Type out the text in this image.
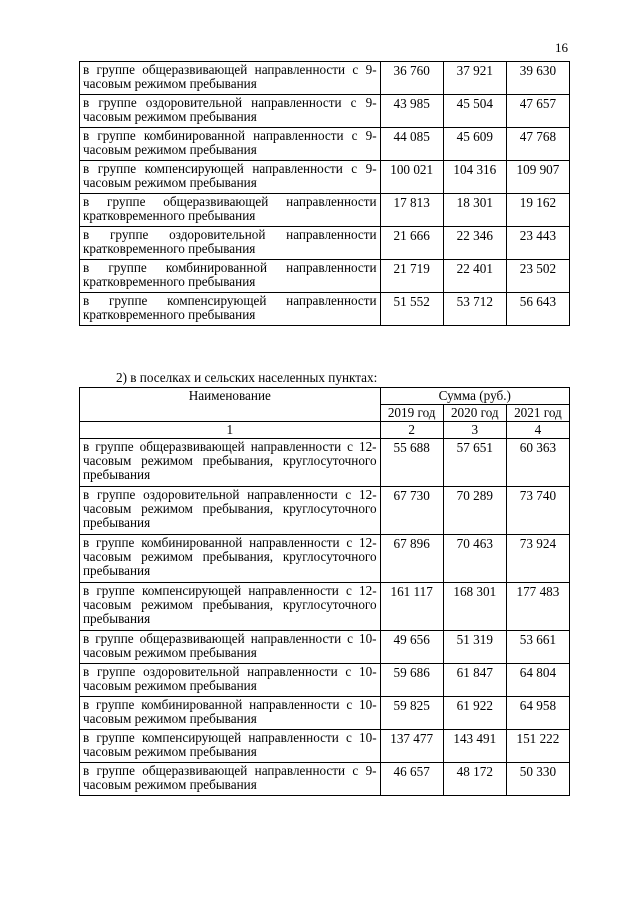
16
в группе общеразвивающей направленности с 9-часовым режимом пребывания	36 760	37 921	39 630
в группе оздоровительной направленности с 9-часовым режимом пребывания	43 985	45 504	47 657
в группе комбинированной направленности с 9-часовым режимом пребывания	44 085	45 609	47 768
в группе компенсирующей направленности с 9-часовым режимом пребывания	100 021	104 316	109 907
в группе общеразвивающей направленности кратковременного пребывания	17 813	18 301	19 162
в группе оздоровительной направленности кратковременного пребывания	21 666	22 346	23 443
в группе комбинированной направленности кратковременного пребывания	21 719	22 401	23 502
в группе компенсирующей направленности кратковременного пребывания	51 552	53 712	56 643
2) в поселках и сельских населенных пунктах:
Наименование	Сумма (руб.)		
	2019 год	2020 год	2021 год
1	2	3	4
в группе общеразвивающей направленности с 12-часовым режимом пребывания, круглосуточного пребывания	55 688	57 651	60 363
в группе оздоровительной направленности с 12-часовым режимом пребывания, круглосуточного пребывания	67 730	70 289	73 740
в группе комбинированной направленности с 12-часовым режимом пребывания, круглосуточного пребывания	67 896	70 463	73 924
в группе компенсирующей направленности с 12-часовым режимом пребывания, круглосуточного пребывания	161 117	168 301	177 483
в группе общеразвивающей направленности с 10-часовым режимом пребывания	49 656	51 319	53 661
в группе оздоровительной направленности с 10-часовым режимом пребывания	59 686	61 847	64 804
в группе комбинированной направленности с 10-часовым режимом пребывания	59 825	61 922	64 958
в группе компенсирующей направленности с 10-часовым режимом пребывания	137 477	143 491	151 222
в группе общеразвивающей направленности с 9-часовым режимом пребывания	46 657	48 172	50 330
